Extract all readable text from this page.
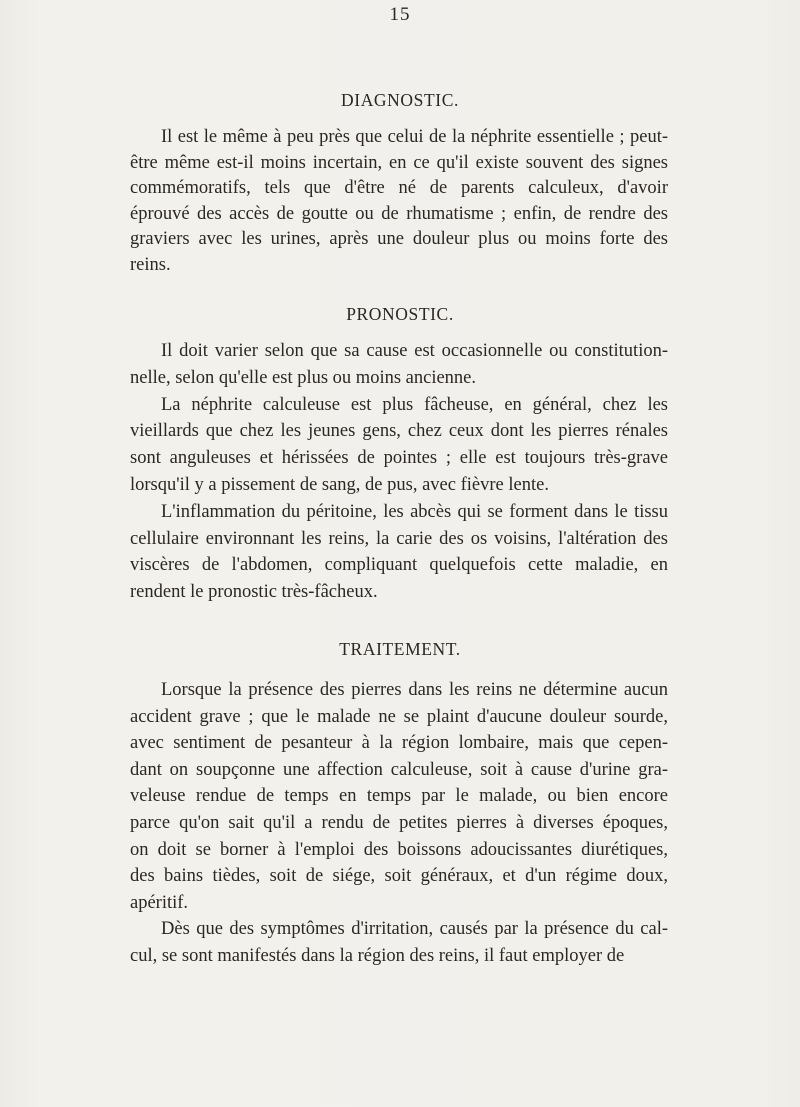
15
DIAGNOSTIC.
Il est le même à peu près que celui de la néphrite essentielle ; peut-
être même est-il moins incertain, en ce qu'il existe souvent des signes
commémoratifs, tels que d'être né de parents calculeux, d'avoir
éprouvé des accès de goutte ou de rhumatisme ; enfin, de rendre des
graviers avec les urines, après une douleur plus ou moins forte des
reins.
PRONOSTIC.
Il doit varier selon que sa cause est occasionnelle ou constitution-
nelle, selon qu'elle est plus ou moins ancienne.
La néphrite calculeuse est plus fâcheuse, en général, chez les
vieillards que chez les jeunes gens, chez ceux dont les pierres rénales
sont anguleuses et hérissées de pointes ; elle est toujours très-grave
lorsqu'il y a pissement de sang, de pus, avec fièvre lente.
L'inflammation du péritoine, les abcès qui se forment dans le tissu
cellulaire environnant les reins, la carie des os voisins, l'altération des
viscères de l'abdomen, compliquant quelquefois cette maladie, en
rendent le pronostic très-fâcheux.
TRAITEMENT.
Lorsque la présence des pierres dans les reins ne détermine aucun
accident grave ; que le malade ne se plaint d'aucune douleur sourde,
avec sentiment de pesanteur à la région lombaire, mais que cepen-
dant on soupçonne une affection calculeuse, soit à cause d'urine gra-
veleuse rendue de temps en temps par le malade, ou bien encore
parce qu'on sait qu'il a rendu de petites pierres à diverses époques,
on doit se borner à l'emploi des boissons adoucissantes diurétiques,
des bains tièdes, soit de siége, soit généraux, et d'un régime doux,
apéritif.
Dès que des symptômes d'irritation, causés par la présence du cal-
cul, se sont manifestés dans la région des reins, il faut employer de
